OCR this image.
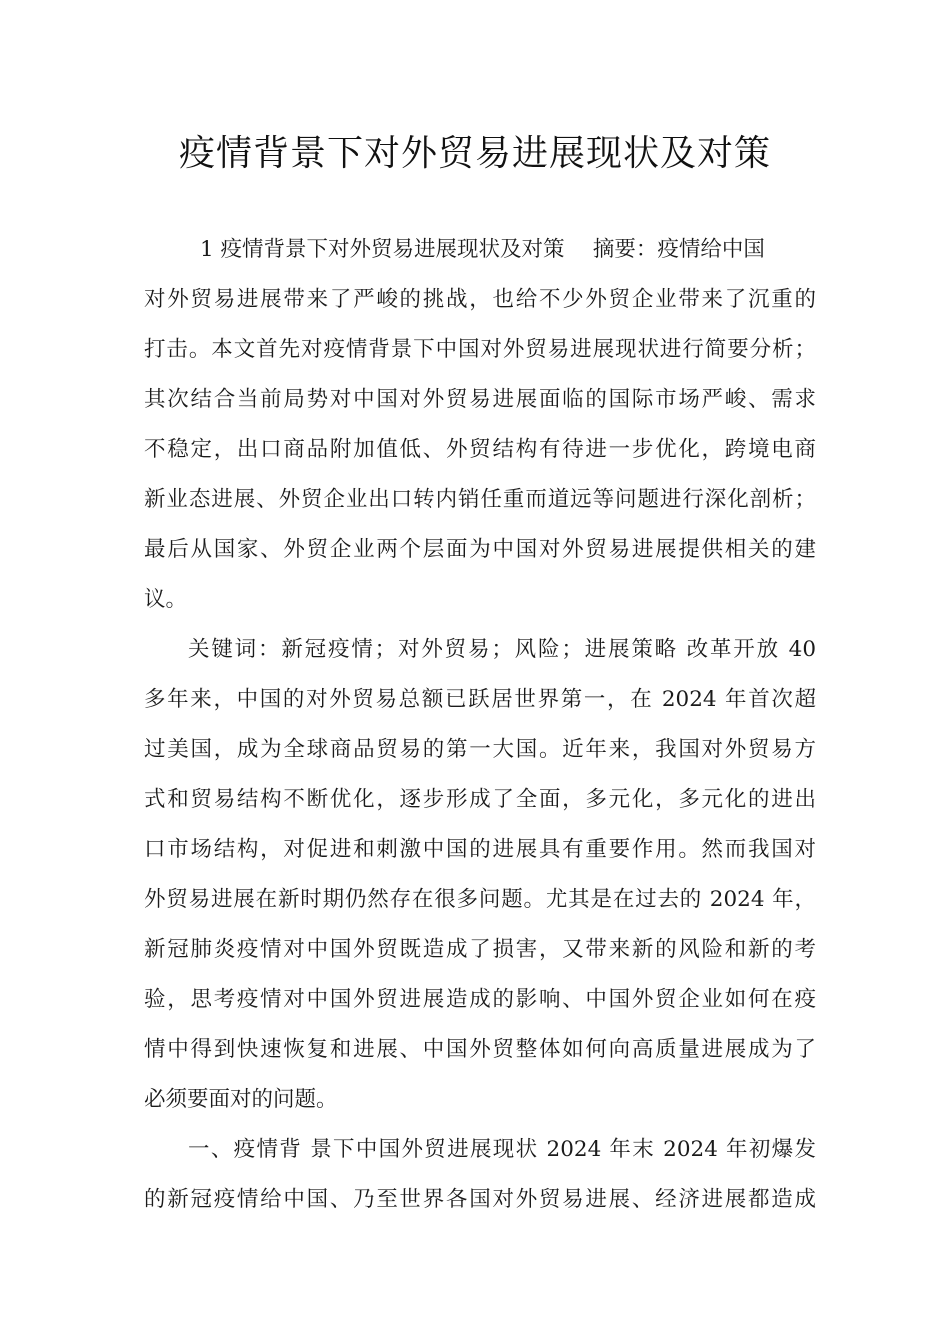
疫情背景下对外贸易进展现状及对策
1 疫情背景下对外贸易进展现状及对策　 摘要：疫情给中国
对外贸易进展带来了严峻的挑战，也给不少外贸企业带来了沉重的
打击。本文首先对疫情背景下中国对外贸易进展现状进行简要分析；
其次结合当前局势对中国对外贸易进展面临的国际市场严峻、需求
不稳定，出口商品附加值低、外贸结构有待进一步优化，跨境电商
新业态进展、外贸企业出口转内销任重而道远等问题进行深化剖析；
最后从国家、外贸企业两个层面为中国对外贸易进展提供相关的建
议。
关键词：新冠疫情；对外贸易；风险；进展策略 改革开放 40
多年来，中国的对外贸易总额已跃居世界第一，在 2024 年首次超
过美国，成为全球商品贸易的第一大国。近年来，我国对外贸易方
式和贸易结构不断优化，逐步形成了全面，多元化，多元化的进出
口市场结构，对促进和刺激中国的进展具有重要作用。然而我国对
外贸易进展在新时期仍然存在很多问题。尤其是在过去的 2024 年，
新冠肺炎疫情对中国外贸既造成了损害，又带来新的风险和新的考
验，思考疫情对中国外贸进展造成的影响、中国外贸企业如何在疫
情中得到快速恢复和进展、中国外贸整体如何向高质量进展成为了
必须要面对的问题。
一、疫情背 景下中国外贸进展现状 2024 年末 2024 年初爆发
的新冠疫情给中国、乃至世界各国对外贸易进展、经济进展都造成
